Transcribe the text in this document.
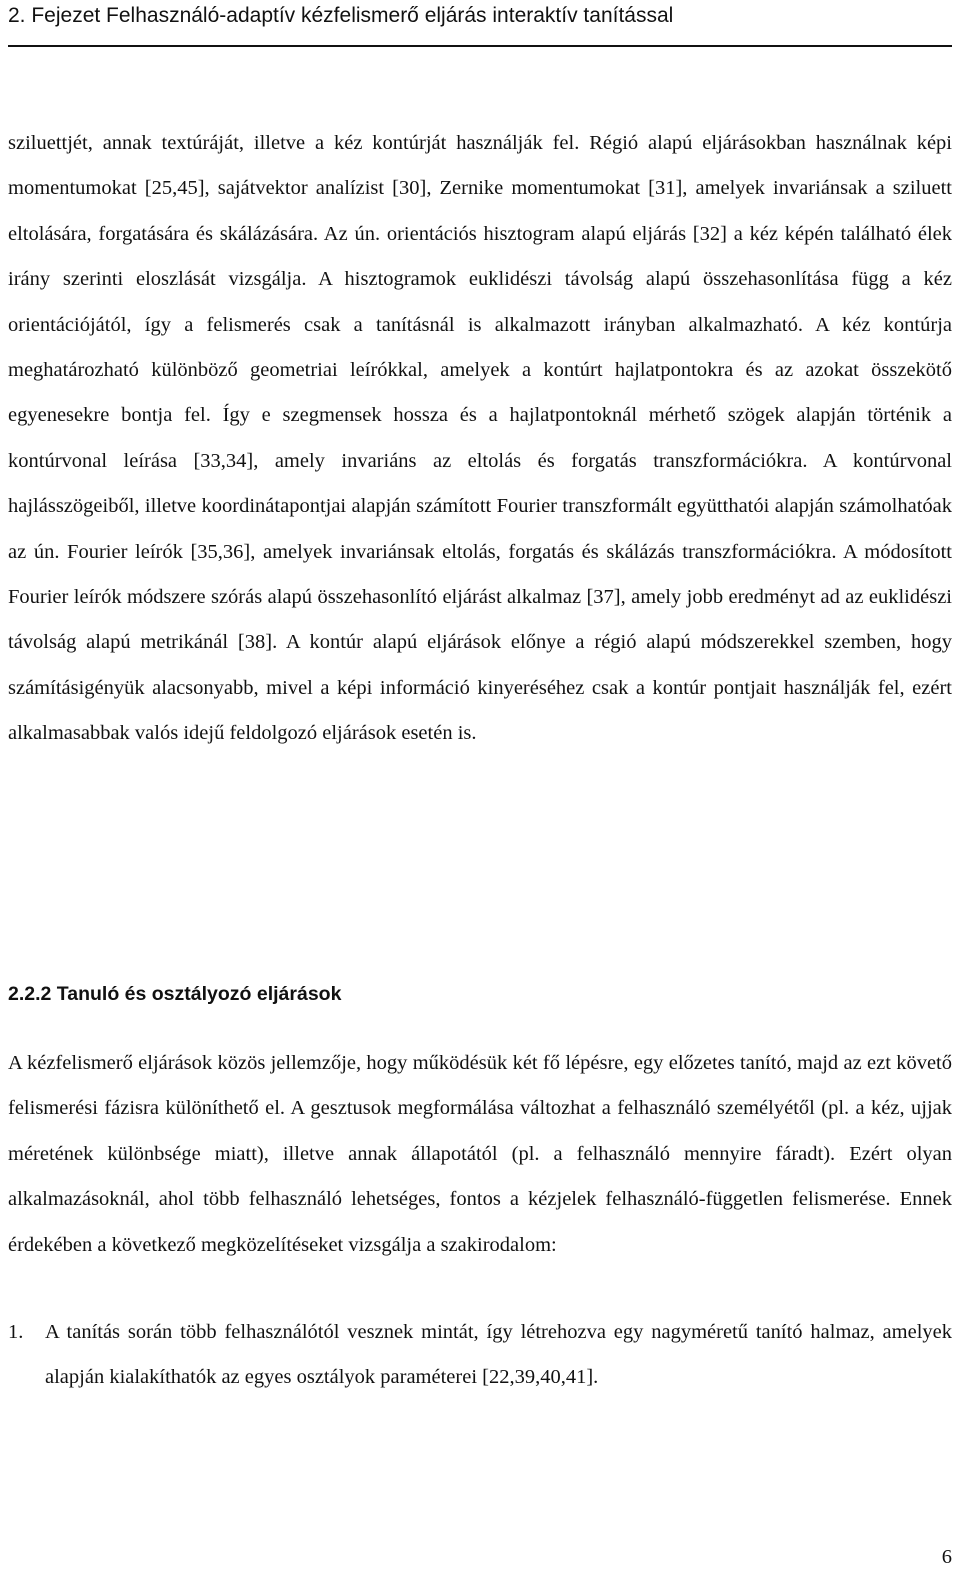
2. Fejezet Felhasználó-adaptív kézfelismerő eljárás interaktív tanítással

sziluettjét, annak textúráját, illetve a kéz kontúrját használják fel. Régió alapú eljárásokban használnak képi momentumokat [25,45], sajátvektor analízist [30], Zernike momentumokat [31], amelyek invariánsak a sziluett eltolására, forgatására és skálázására. Az ún. orientációs hisztogram alapú eljárás [32] a kéz képén található élek irány szerinti eloszlását vizsgálja. A hisztogramok euklidészi távolság alapú összehasonlítása függ a kéz orientációjától, így a felismerés csak a tanításnál is alkalmazott irányban alkalmazható. A kéz kontúrja meghatározható különböző geometriai leírókkal, amelyek a kontúrt hajlatpontokra és az azokat összekötő egyenesekre bontja fel. Így e szegmensek hossza és a hajlatpontoknál mérhető szögek alapján történik a kontúrvonal leírása [33,34], amely invariáns az eltolás és forgatás transzformációkra. A kontúrvonal hajlásszögeiből, illetve koordinátapontjai alapján számított Fourier transzformált együtthatói alapján számolhatóak az ún. Fourier leírók [35,36], amelyek invariánsak eltolás, forgatás és skálázás transzformációkra. A módosított Fourier leírók módszere szórás alapú összehasonlító eljárást alkalmaz [37], amely jobb eredményt ad az euklidészi távolság alapú metrikánál [38]. A kontúr alapú eljárások előnye a régió alapú módszerekkel szemben, hogy számításigényük alacsonyabb, mivel a képi információ kinyeréséhez csak a kontúr pontjait használják fel, ezért alkalmasabbak valós idejű feldolgozó eljárások esetén is.

2.2.2 Tanuló és osztályozó eljárások

A kézfelismerő eljárások közös jellemzője, hogy működésük két fő lépésre, egy előzetes tanító, majd az ezt követő felismerési fázisra különíthető el. A gesztusok megformálása változhat a felhasználó személyétől (pl. a kéz, ujjak méretének különbsége miatt), illetve annak állapotától (pl. a felhasználó mennyire fáradt). Ezért olyan alkalmazásoknál, ahol több felhasználó lehetséges, fontos a kézjelek felhasználó-független felismerése. Ennek érdekében a következő megközelítéseket vizsgálja a szakirodalom:

1. A tanítás során több felhasználótól vesznek mintát, így létrehozva egy nagyméretű tanító halmaz, amelyek alapján kialakíthatók az egyes osztályok paraméterei [22,39,40,41].
6
